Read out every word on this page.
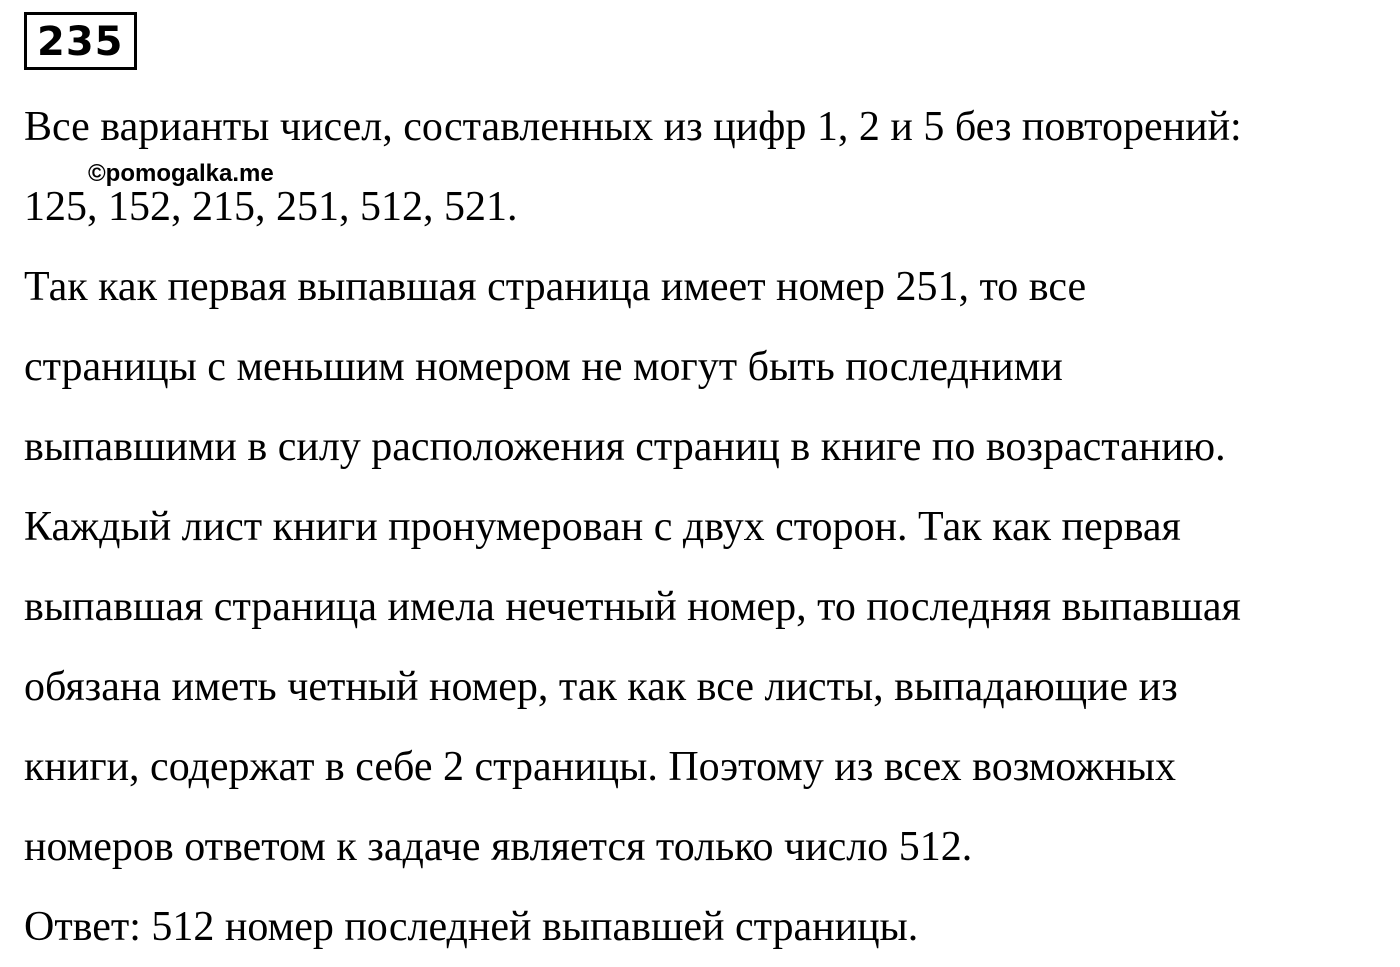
235
Все варианты чисел, составленных из цифр 1, 2 и 5 без повторений:
©pomogalka.me
125, 152, 215, 251, 512, 521.
Так как первая выпавшая страница имеет номер 251, то все
страницы с меньшим номером не могут быть последними
выпавшими в силу расположения страниц в книге по возрастанию.
Каждый лист книги пронумерован с двух сторон. Так как первая
выпавшая страница имела нечетный номер, то последняя выпавшая
обязана иметь четный номер, так как все листы, выпадающие из
книги, содержат в себе 2 страницы. Поэтому из всех возможных
номеров ответом к задаче является только число 512.
Ответ: 512 номер последней выпавшей страницы.
